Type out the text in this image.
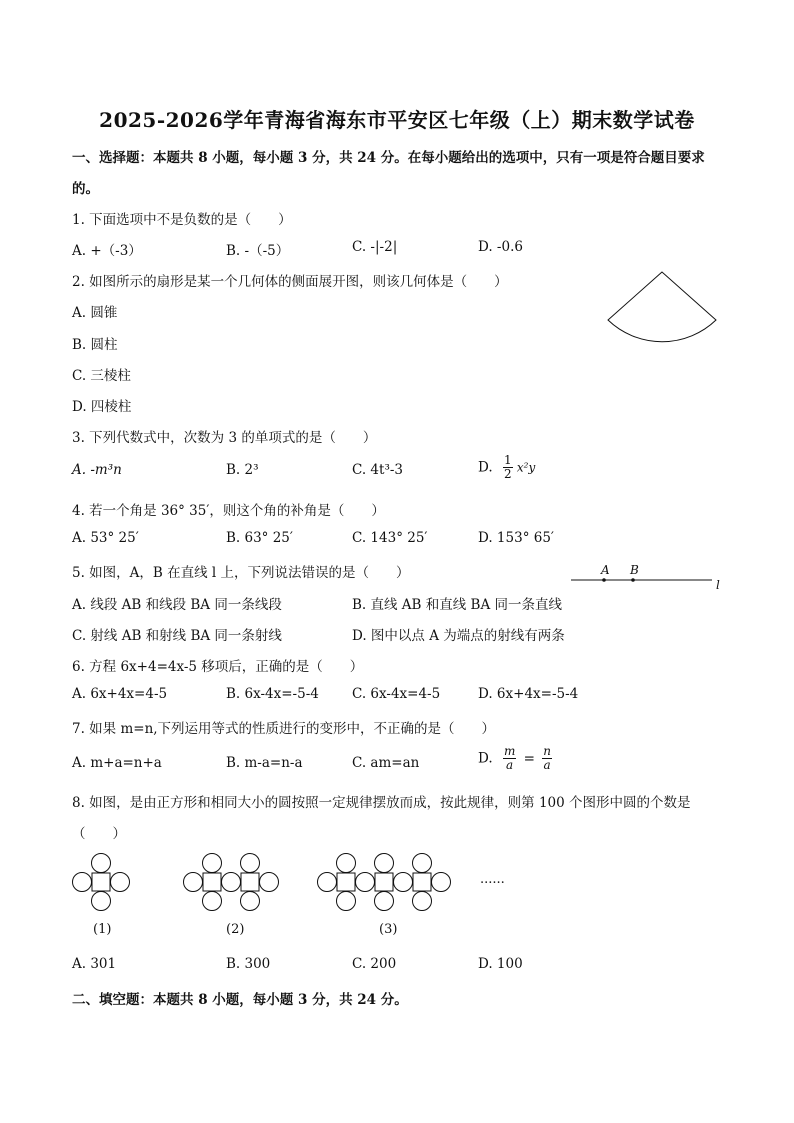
2025-2026学年青海省海东市平安区七年级（上）期末数学试卷
一、选择题：本题共 8 小题，每小题 3 分，共 24 分。在每小题给出的选项中，只有一项是符合题目要求
的。
1. 下面选项中不是负数的是（　　）
A. +（-3）	B. -（-5）	C. -|-2|	D. -0.6
2. 如图所示的扇形是某一个几何体的侧面展开图，则该几何体是（　　）
A. 圆锥
B. 圆柱
C. 三棱柱
D. 四棱柱
3. 下列代数式中，次数为 3 的单项式的是（　　）
A. -m³n	B. 2³	C. 4t³-3	D. $\frac{1}{2} x^2y$
4. 若一个角是 36° 35′，则这个角的补角是（　　）
A. 53° 25′	B. 63° 25′	C. 143° 25′	D. 153° 65′
5. 如图，A，B 在直线 l 上，下列说法错误的是（　　）	A B
l
A. 线段 AB 和线段 BA 同一条线段	B. 直线 AB 和直线 BA 同一条直线
C. 射线 AB 和射线 BA 同一条射线	D. 图中以点 A 为端点的射线有两条
6. 方程 6x+4=4x-5 移项后，正确的是（　　）
A. 6x+4x=4-5	B. 6x-4x=-5-4 C. 6x-4x=4-5	D. 6x+4x=-5-4
7. 如果 m=n,下列运用等式的性质进行的变形中，不正确的是（　　）
A. m+a=n+a	B. m-a=n-a	C. am=an	D. $\frac{m}{a} = \frac{n}{a}$
8. 如图，是由正方形和相同大小的圆按照一定规律摆放而成，按此规律，则第 100 个图形中圆的个数是
（　　）
......
(1)	(2)	(3)
A. 301	B. 300	C. 200	D. 100
二、填空题：本题共 8 小题，每小题 3 分，共 24 分。
